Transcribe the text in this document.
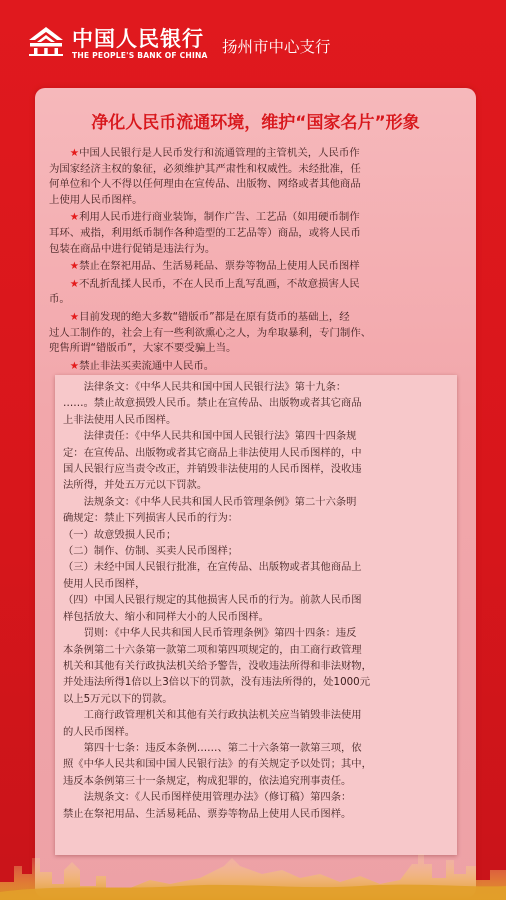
中国人民银行
THE PEOPLE'S BANK OF CHINA 扬州市中心支行
净化人民币流通环境，维护“国家名片”形象

★中国人民银行是人民币发行和流通管理的主管机关，人民币作
为国家经济主权的象征，必须维护其严肃性和权威性。未经批准，任
何单位和个人不得以任何理由在宣传品、出版物、网络或者其他商品
上使用人民币图样。

★利用人民币进行商业装饰，制作广告、工艺品（如用硬币制作
耳环、戒指，利用纸币制作各种造型的工艺品等）商品，或将人民币
包装在商品中进行促销是违法行为。

★禁止在祭祀用品、生活易耗品、票券等物品上使用人民币图样

★不乱折乱揉人民币，不在人民币上乱写乱画，不故意损害人民
币。

★目前发现的绝大多数“错版币”都是在原有货币的基础上，经
过人工制作的，社会上有一些利欲熏心之人，为牟取暴利，专门制作、
兜售所谓“错版币”，大家不要受骗上当。

★禁止非法买卖流通中人民币。

　　法律条文：《中华人民共和国中国人民银行法》第十九条：

……。禁止故意损毁人民币。禁止在宣传品、出版物或者其它商品

上非法使用人民币图样。

　　法律责任：《中华人民共和国中国人民银行法》第四十四条规

定：在宣传品、出版物或者其它商品上非法使用人民币图样的，中

国人民银行应当责令改正，并销毁非法使用的人民币图样，没收违

法所得，并处五万元以下罚款。

　　法规条文：《中华人民共和国人民币管理条例》第二十六条明

确规定：禁止下列损害人民币的行为：

（一）故意毁损人民币；

（二）制作、仿制、买卖人民币图样；

（三）未经中国人民银行批准，在宣传品、出版物或者其他商品上

使用人民币图样，

（四）中国人民银行规定的其他损害人民币的行为。前款人民币图

样包括放大、缩小和同样大小的人民币图样。

　　罚则：《中华人民共和国人民币管理条例》第四十四条：违反

本条例第二十六条第一款第二项和第四项规定的，由工商行政管理

机关和其他有关行政执法机关给予警告，没收违法所得和非法财物，

并处违法所得1倍以上3倍以下的罚款，没有违法所得的，处1000元

以上5万元以下的罚款。

　　工商行政管理机关和其他有关行政执法机关应当销毁非法使用

的人民币图样。

　　第四十七条：违反本条例……、第二十六条第一款第三项，依

照《中华人民共和国中国人民银行法》的有关规定予以处罚；其中，

违反本条例第三十一条规定，构成犯罪的，依法追究刑事责任。

　　法规条文：《人民币图样使用管理办法》（修订稿）第四条：

禁止在祭祀用品、生活易耗品、票券等物品上使用人民币图样。
